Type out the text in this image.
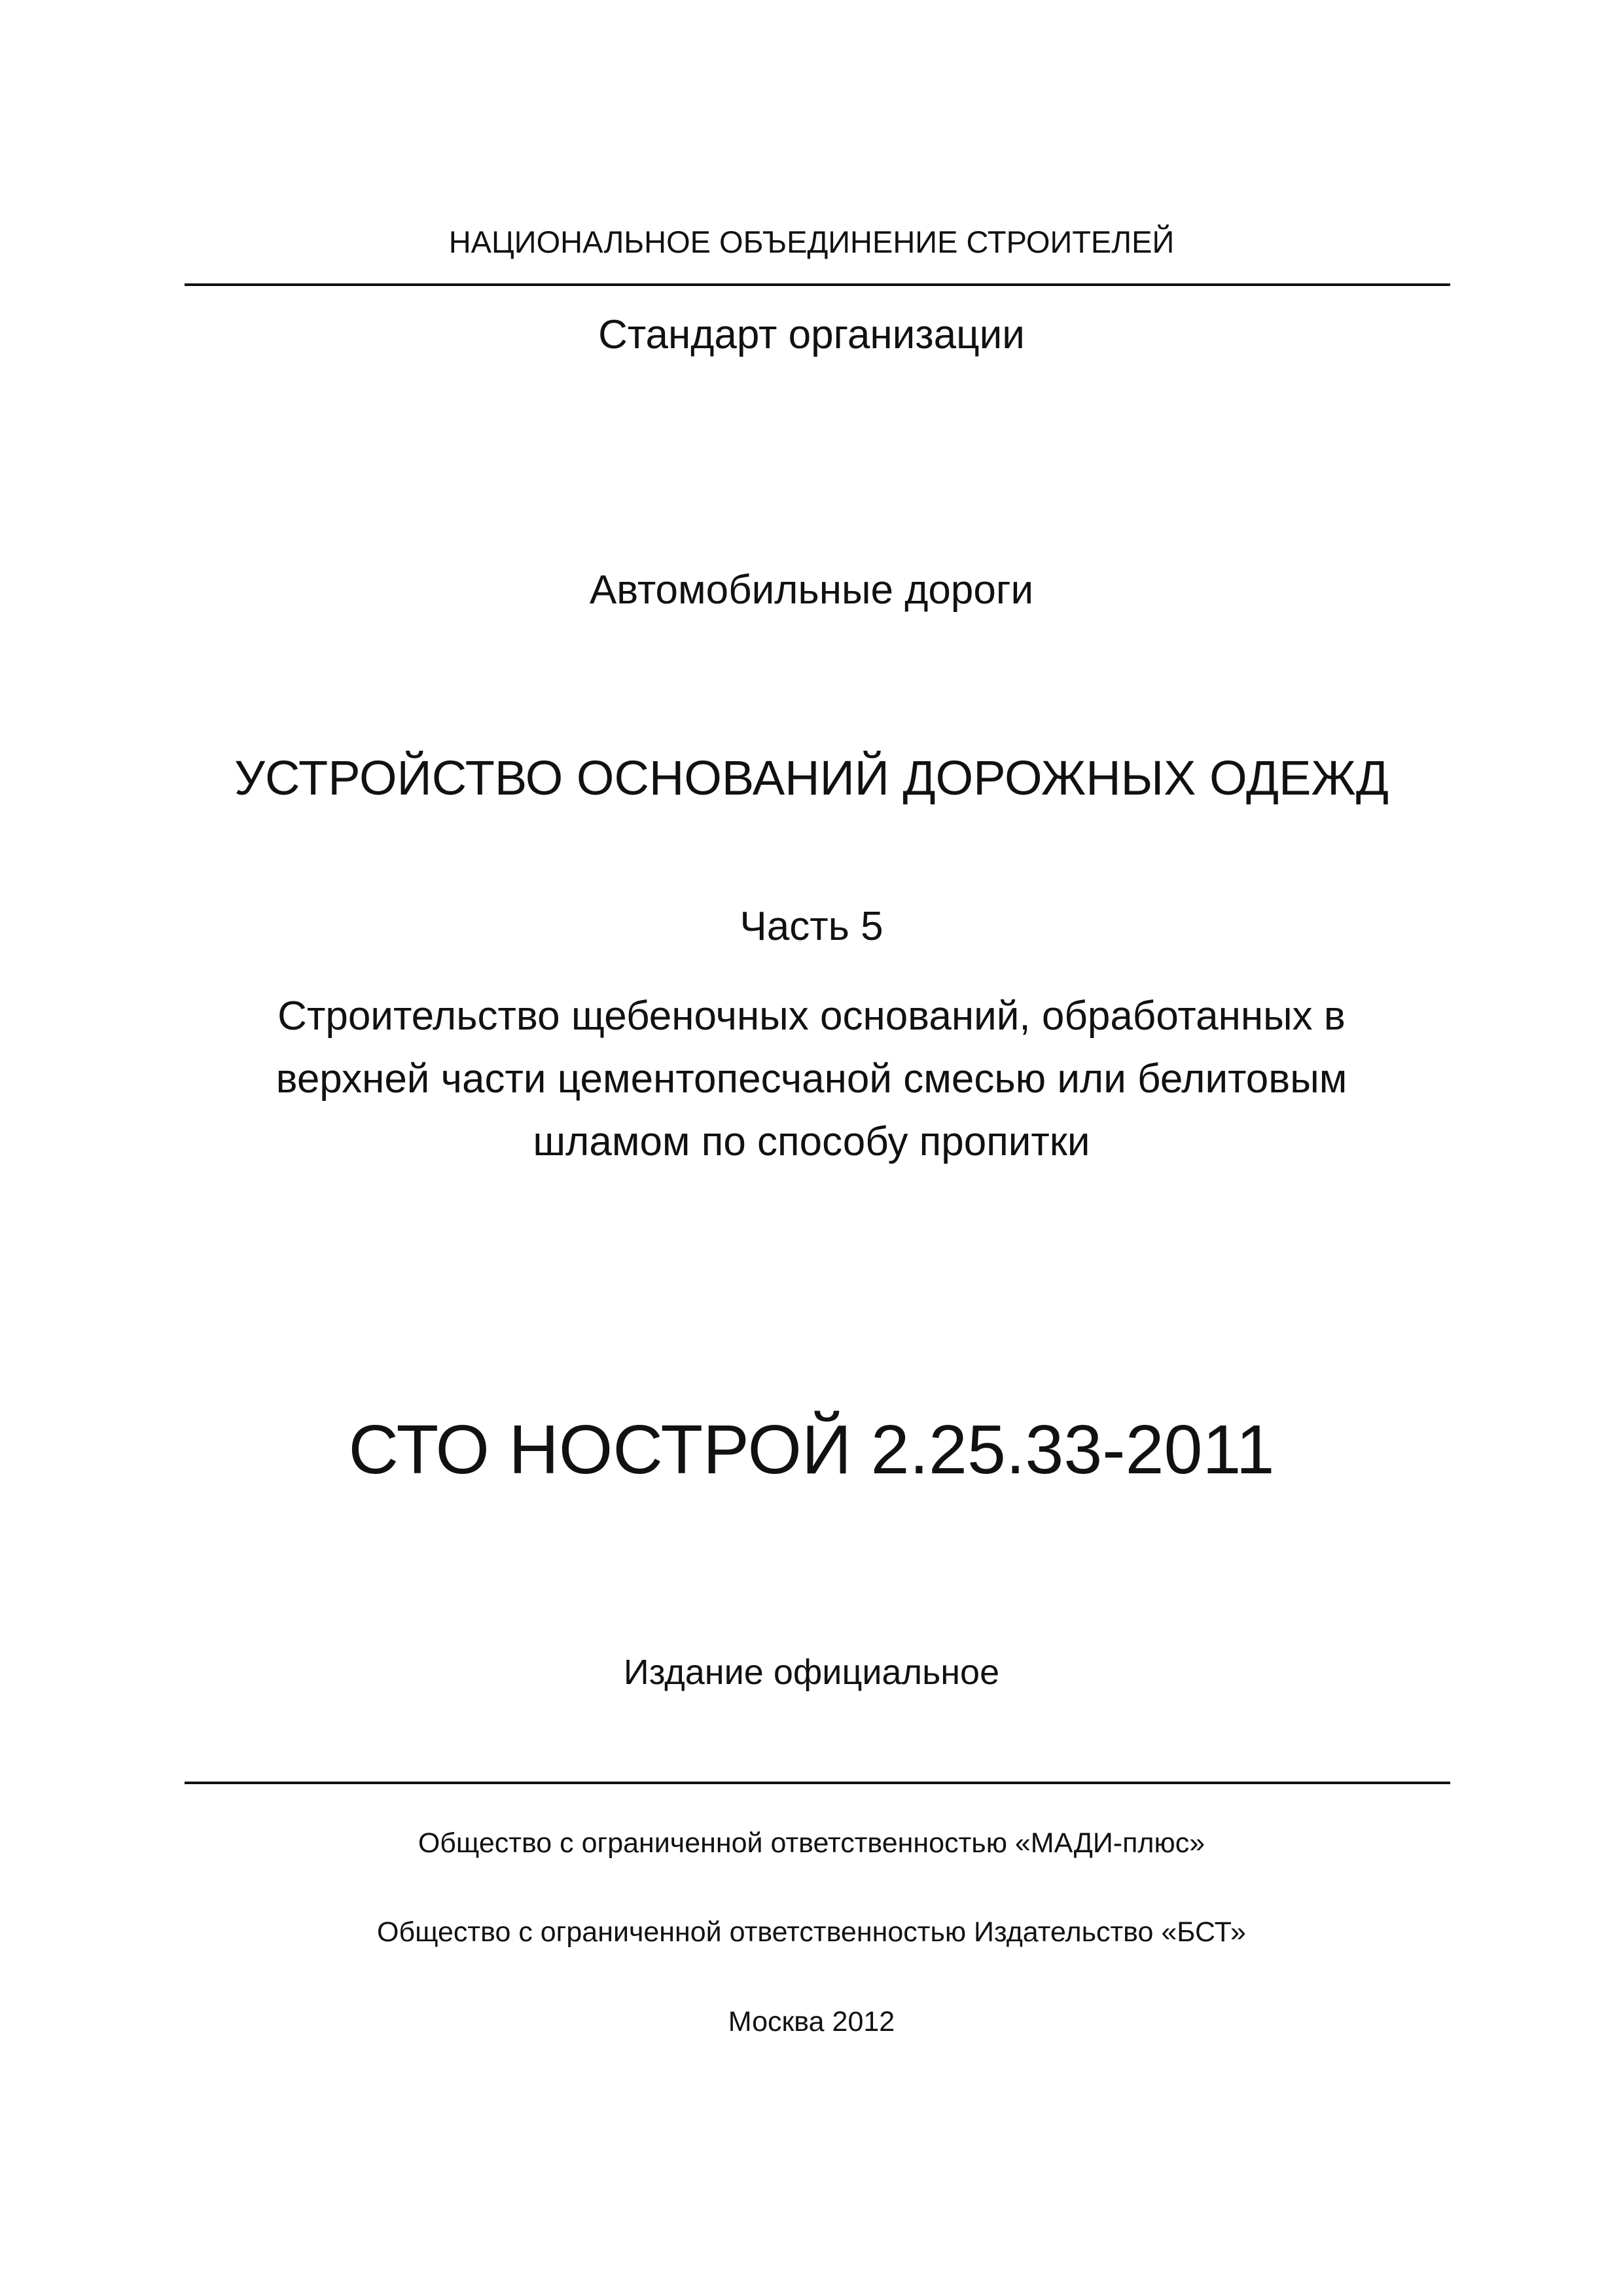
НАЦИОНАЛЬНОЕ ОБЪЕДИНЕНИЕ СТРОИТЕЛЕЙ
Стандарт организации
Автомобильные дороги
УСТРОЙСТВО ОСНОВАНИЙ ДОРОЖНЫХ ОДЕЖД
Часть 5
Строительство щебеночных оснований, обработанных в
верхней части цементопесчаной смесью или белитовым
шламом по способу пропитки
СТО НОСТРОЙ 2.25.33-2011
Издание официальное
Общество с ограниченной ответственностью «МАДИ-плюс»
Общество с ограниченной ответственностью Издательство «БСТ»
Москва 2012
